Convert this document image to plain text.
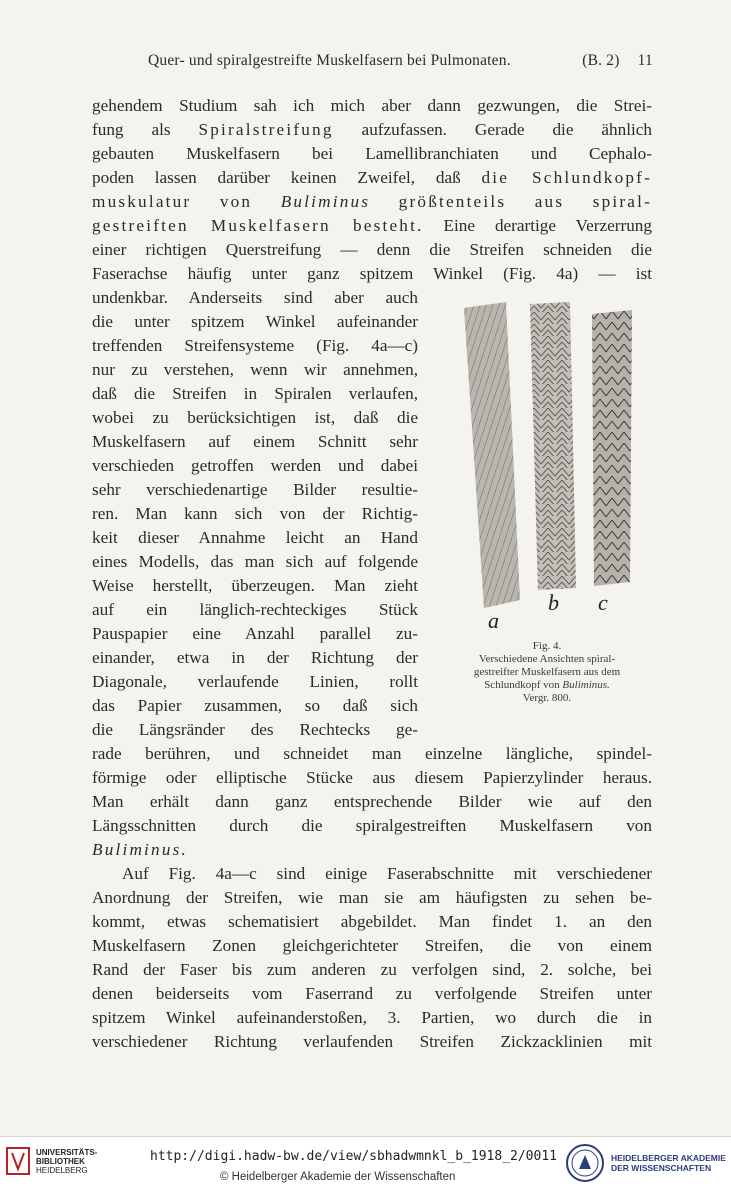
Quer- und spiralgestreifte Muskelfasern bei Pulmonaten.	(B. 2) 11
gehendem Studium sah ich mich aber dann gezwungen, die Strei-
fung als Spiralstreifung aufzufassen. Gerade die ähnlich
gebauten Muskelfasern bei Lamellibranchiaten und Cephalo-
poden lassen darüber keinen Zweifel, daß die Schlundkopf-
muskulatur von Buliminus größtenteils aus spiral-
gestreiften Muskelfasern besteht. Eine derartige Verzerrung
einer richtigen Querstreifung — denn die Streifen schneiden die
Faserachse häufig unter ganz spitzem Winkel (Fig. 4a) — ist
undenkbar. Anderseits sind aber auch
die unter spitzem Winkel aufeinander
treffenden Streifensysteme (Fig. 4a—c)
nur zu verstehen, wenn wir annehmen,
daß die Streifen in Spiralen verlaufen,
wobei zu berücksichtigen ist, daß die
Muskelfasern auf einem Schnitt sehr
verschieden getroffen werden und dabei
sehr verschiedenartige Bilder resultie-
ren. Man kann sich von der Richtig-
keit dieser Annahme leicht an Hand
eines Modells, das man sich auf folgende
Weise herstellt, überzeugen. Man zieht
auf ein länglich-rechteckiges Stück
Pauspapier eine Anzahl parallel zu-
einander, etwa in der Richtung der
Diagonale, verlaufende Linien, rollt
das Papier zusammen, so daß sich
die Längsränder des Rechtecks ge-
rade berühren, und schneidet man einzelne längliche, spindel-
förmige oder elliptische Stücke aus diesem Papierzylinder heraus.
Man erhält dann ganz entsprechende Bilder wie auf den
Längsschnitten durch die spiralgestreiften Muskelfasern von
Buliminus.
Auf Fig. 4a—c sind einige Faserabschnitte mit verschiedener
Anordnung der Streifen, wie man sie am häufigsten zu sehen be-
kommt, etwas schematisiert abgebildet. Man findet 1. an den
Muskelfasern Zonen gleichgerichteter Streifen, die von einem
Rand der Faser bis zum anderen zu verfolgen sind, 2. solche, bei
denen beiderseits vom Faserrand zu verfolgende Streifen unter
spitzem Winkel aufeinanderstoßen, 3. Partien, wo durch die in
verschiedener Richtung verlaufenden Streifen Zickzacklinien mit
a
b c
Fig. 4.
Verschiedene Ansichten spiral-
gestreifter Muskelfasern aus dem
Schlundkopf von Buliminus.
Vergr. 800.
UNIVERSITÄTS-
BIBLIOTHEK
HEIDELBERG
http://digi.hadw-bw.de/view/sbhadwmnkl_b_1918_2/0011
© Heidelberger Akademie der Wissenschaften
HEIDELBERGER AKADEMIE
DER WISSENSCHAFTEN
